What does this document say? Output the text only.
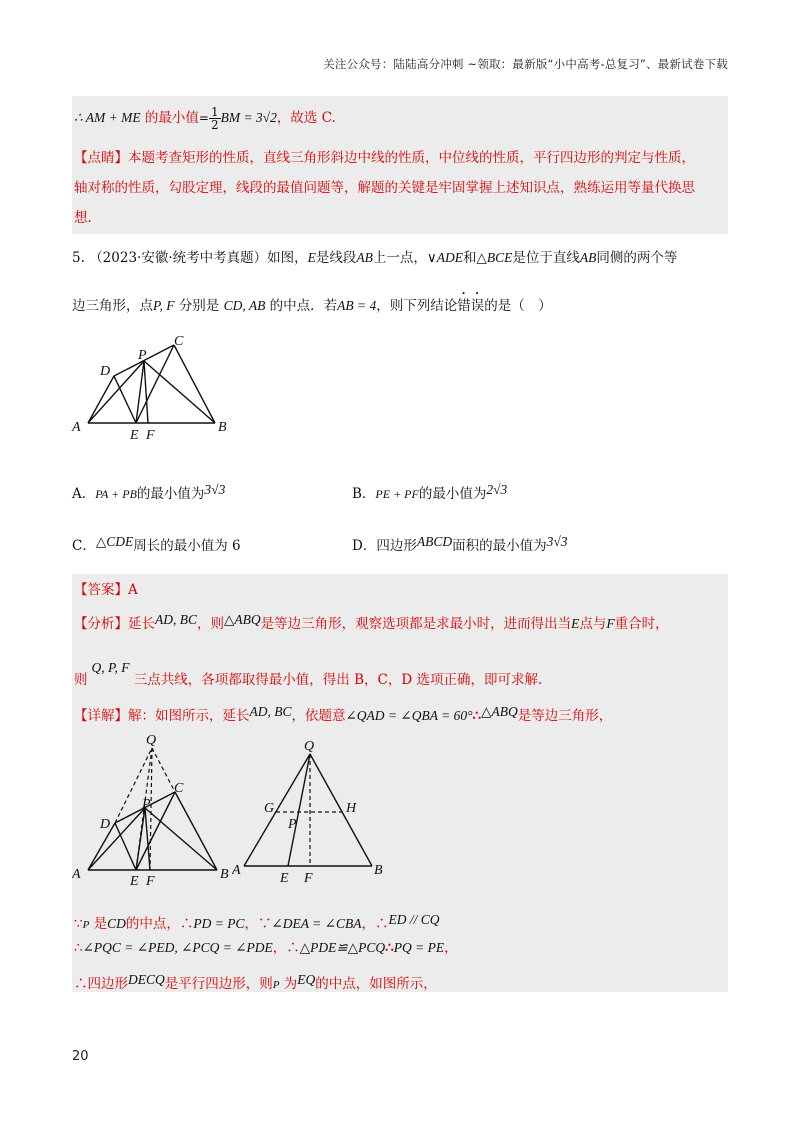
关注公众号：陆陆高分冲刺 ~领取：最新版“小中高考-总复习”、最新试卷下载
∴ AM + ME 的最小值= $\frac{1}{2}$ BM = 3√2，故选 C.
【点睛】本题考查矩形的性质，直线三角形斜边中线的性质，中位线的性质，平行四边形的判定与性质，
轴对称的性质，勾股定理，线段的最值问题等，解题的关键是牢固掌握上述知识点，熟练运用等量代换思
想.
5. （2023·安徽·统考中考真题）如图，E是线段AB上一点，∨ADE和△BCE是位于直线AB同侧的两个等
边三角形，点P, F 分别是 CD, AB 的中点．若AB = 4，则下列结论错误的是（　）
A	B
C
D
E F
P
A．PA + PB的最小值为3√3	B．PE + PF的最小值为2√3
C．△CDE周长的最小值为 6	D．四边形ABCD面积的最小值为3√3
【答案】A
【分析】延长AD, BC，则△ABQ是等边三角形，观察选项都是求最小时，进而得出当E点与F重合时，
则Q, P, F 三点共线，各项都取得最小值，得出 B，C，D 选项正确，即可求解．
【详解】解：如图所示，延长AD, BC，依题意∠QAD = ∠QBA = 60°∴△ABQ是等边三角形，
Q
A	B
C
D
E F
P
Q
G	H
P
A	B
E F
∵P 是CD的中点，∴PD = PC，∵∠DEA = ∠CBA，∴ED // CQ
∴∠PQC = ∠PED, ∠PCQ = ∠PDE，∴△PDE≌△PCQ∴PQ = PE，
∴四边形DECQ是平行四边形，则P 为EQ的中点，如图所示，
20
